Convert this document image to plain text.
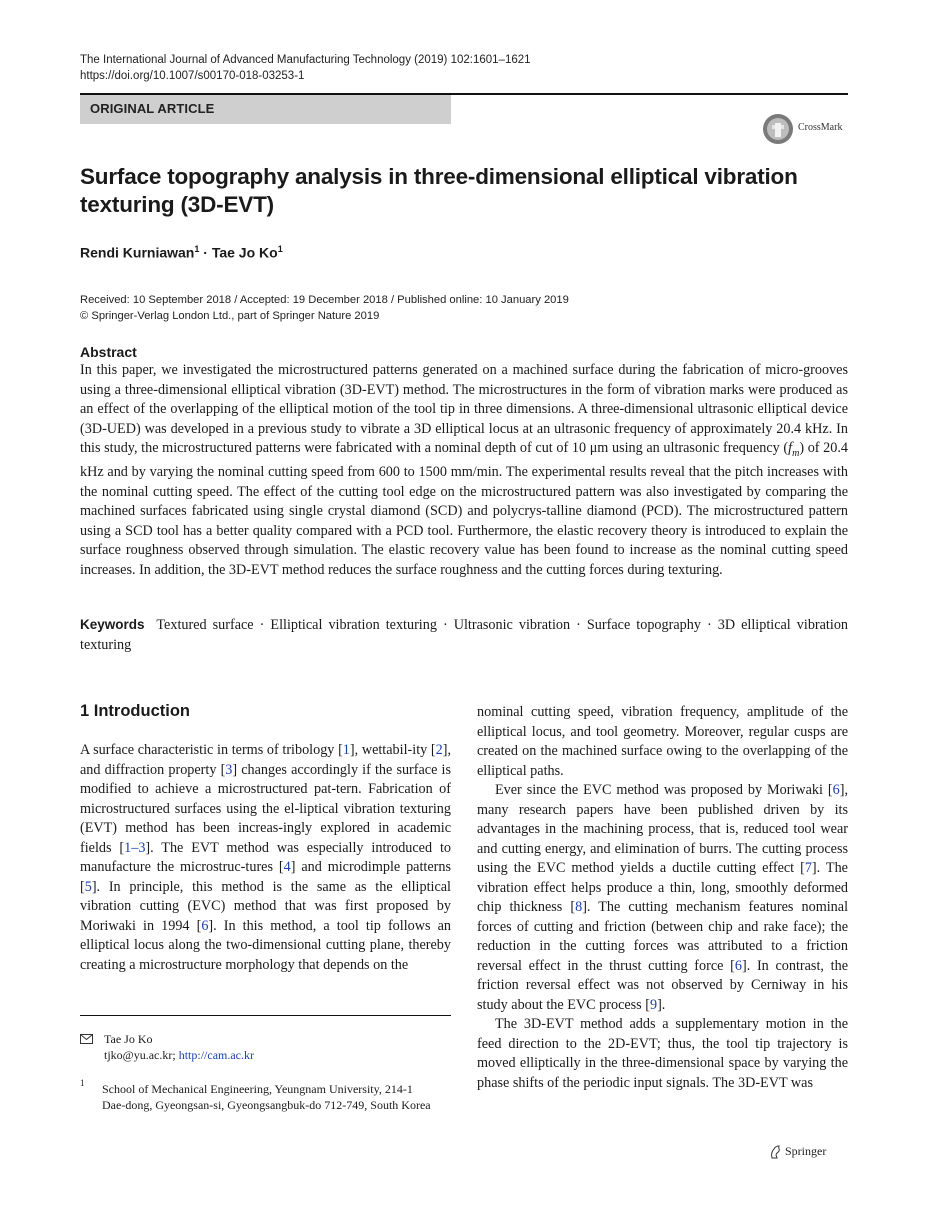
The International Journal of Advanced Manufacturing Technology (2019) 102:1601–1621
https://doi.org/10.1007/s00170-018-03253-1
ORIGINAL ARTICLE
CrossMark
Surface topography analysis in three-dimensional elliptical vibration texturing (3D-EVT)
Rendi Kurniawan$^1$ · Tae Jo Ko$^1$
Received: 10 September 2018 / Accepted: 19 December 2018 / Published online: 10 January 2019
© Springer-Verlag London Ltd., part of Springer Nature 2019
Abstract
In this paper, we investigated the microstructured patterns generated on a machined surface during the fabrication of micro-grooves using a three-dimensional elliptical vibration (3D-EVT) method. The microstructures in the form of vibration marks were produced as an effect of the overlapping of the elliptical motion of the tool tip in three dimensions. A three-dimensional ultrasonic elliptical device (3D-UED) was developed in a previous study to vibrate a 3D elliptical locus at an ultrasonic frequency of approximately 20.4 kHz. In this study, the microstructured patterns were fabricated with a nominal depth of cut of 10 μm using an ultrasonic frequency $(f_m)$ of 20.4 kHz and by varying the nominal cutting speed from 600 to 1500 mm/min. The experimental results reveal that the pitch increases with the nominal cutting speed. The effect of the cutting tool edge on the microstructured pattern was also investigated by comparing the machined surfaces fabricated using single crystal diamond (SCD) and polycrys-talline diamond (PCD). The microstructured pattern using a SCD tool has a better quality compared with a PCD tool. Furthermore, the elastic recovery theory is introduced to explain the surface roughness observed through simulation. The elastic recovery value has been found to increase as the nominal cutting speed increases. In addition, the 3D-EVT method reduces the surface roughness and the cutting forces during texturing.
Keywords Textured surface · Elliptical vibration texturing · Ultrasonic vibration · Surface topography · 3D elliptical vibration texturing
1 Introduction

A surface characteristic in terms of tribology [1], wettabil-ity [2], and diffraction property [3] changes accordingly if the surface is modified to achieve a microstructured pat-tern. Fabrication of microstructured surfaces using the el-liptical vibration texturing (EVT) method has been increas-ingly explored in academic fields [1–3]. The EVT method was especially introduced to manufacture the microstruc-tures [4] and microdimple patterns [5]. In principle, this method is the same as the elliptical vibration cutting (EVC) method that was first proposed by Moriwaki in 1994 [6]. In this method, a tool tip follows an elliptical locus along the two-dimensional cutting plane, thereby creating a microstructure morphology that depends on the

nominal cutting speed, vibration frequency, amplitude of the elliptical locus, and tool geometry. Moreover, regular cusps are created on the machined surface owing to the overlapping of the elliptical paths.

Ever since the EVC method was proposed by Moriwaki [6], many research papers have been published driven by its advantages in the machining process, that is, reduced tool wear and cutting energy, and elimination of burrs. The cutting process using the EVC method yields a ductile cutting effect [7]. The vibration effect helps produce a thin, long, smoothly deformed chip thickness [8]. The cutting mechanism features nominal forces of cutting and friction (between chip and rake face); the reduction in the cutting forces was attributed to a friction reversal effect in the thrust cutting force [6]. In contrast, the friction reversal effect was not observed by Cerniway in his study about the EVC process [9].

The 3D-EVT method adds a supplementary motion in the feed direction to the 2D-EVT; thus, the tool tip trajectory is moved elliptically in the three-dimensional space by varying the phase shifts of the periodic input signals. The 3D-EVT was

Tae Jo Ko
tjko@yu.ac.kr; http://cam.ac.kr
1 School of Mechanical Engineering, Yeungnam University, 214-1
Dae-dong, Gyeongsan-si, Gyeongsangbuk-do 712-749, South Korea
Springer
